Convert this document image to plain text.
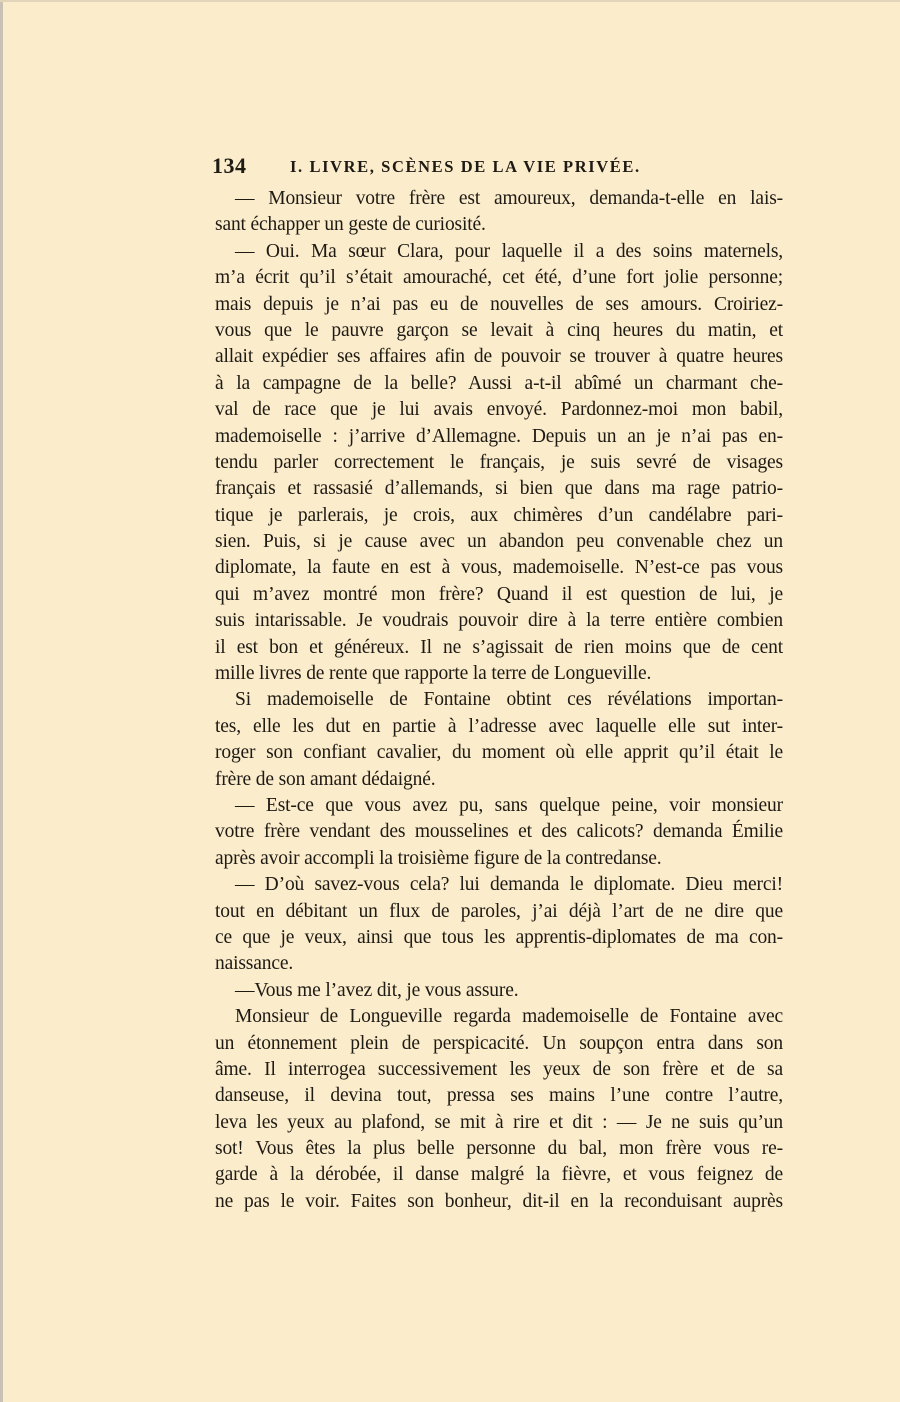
134	I. LIVRE, SCÈNES DE LA VIE PRIVÉE.
— Monsieur votre frère est amoureux, demanda-t-elle en lais-
sant échapper un geste de curiosité.
— Oui. Ma sœur Clara, pour laquelle il a des soins maternels,
m’a écrit qu’il s’était amouraché, cet été, d’une fort jolie personne;
mais depuis je n’ai pas eu de nouvelles de ses amours. Croiriez-
vous que le pauvre garçon se levait à cinq heures du matin, et
allait expédier ses affaires afin de pouvoir se trouver à quatre heures
à la campagne de la belle? Aussi a-t-il abîmé un charmant che-
val de race que je lui avais envoyé. Pardonnez-moi mon babil,
mademoiselle : j’arrive d’Allemagne. Depuis un an je n’ai pas en-
tendu parler correctement le français, je suis sevré de visages
français et rassasié d’allemands, si bien que dans ma rage patrio-
tique je parlerais, je crois, aux chimères d’un candélabre pari-
sien. Puis, si je cause avec un abandon peu convenable chez un
diplomate, la faute en est à vous, mademoiselle. N’est-ce pas vous
qui m’avez montré mon frère? Quand il est question de lui, je
suis intarissable. Je voudrais pouvoir dire à la terre entière combien
il est bon et généreux. Il ne s’agissait de rien moins que de cent
mille livres de rente que rapporte la terre de Longueville.
Si mademoiselle de Fontaine obtint ces révélations importan-
tes, elle les dut en partie à l’adresse avec laquelle elle sut inter-
roger son confiant cavalier, du moment où elle apprit qu’il était le
frère de son amant dédaigné.
— Est-ce que vous avez pu, sans quelque peine, voir monsieur
votre frère vendant des mousselines et des calicots? demanda Émilie
après avoir accompli la troisième figure de la contredanse.
— D’où savez-vous cela? lui demanda le diplomate. Dieu merci!
tout en débitant un flux de paroles, j’ai déjà l’art de ne dire que
ce que je veux, ainsi que tous les apprentis-diplomates de ma con-
naissance.
—Vous me l’avez dit, je vous assure.
Monsieur de Longueville regarda mademoiselle de Fontaine avec
un étonnement plein de perspicacité. Un soupçon entra dans son
âme. Il interrogea successivement les yeux de son frère et de sa
danseuse, il devina tout, pressa ses mains l’une contre l’autre,
leva les yeux au plafond, se mit à rire et dit : — Je ne suis qu’un
sot! Vous êtes la plus belle personne du bal, mon frère vous re-
garde à la dérobée, il danse malgré la fièvre, et vous feignez de
ne pas le voir. Faites son bonheur, dit-il en la reconduisant auprès
